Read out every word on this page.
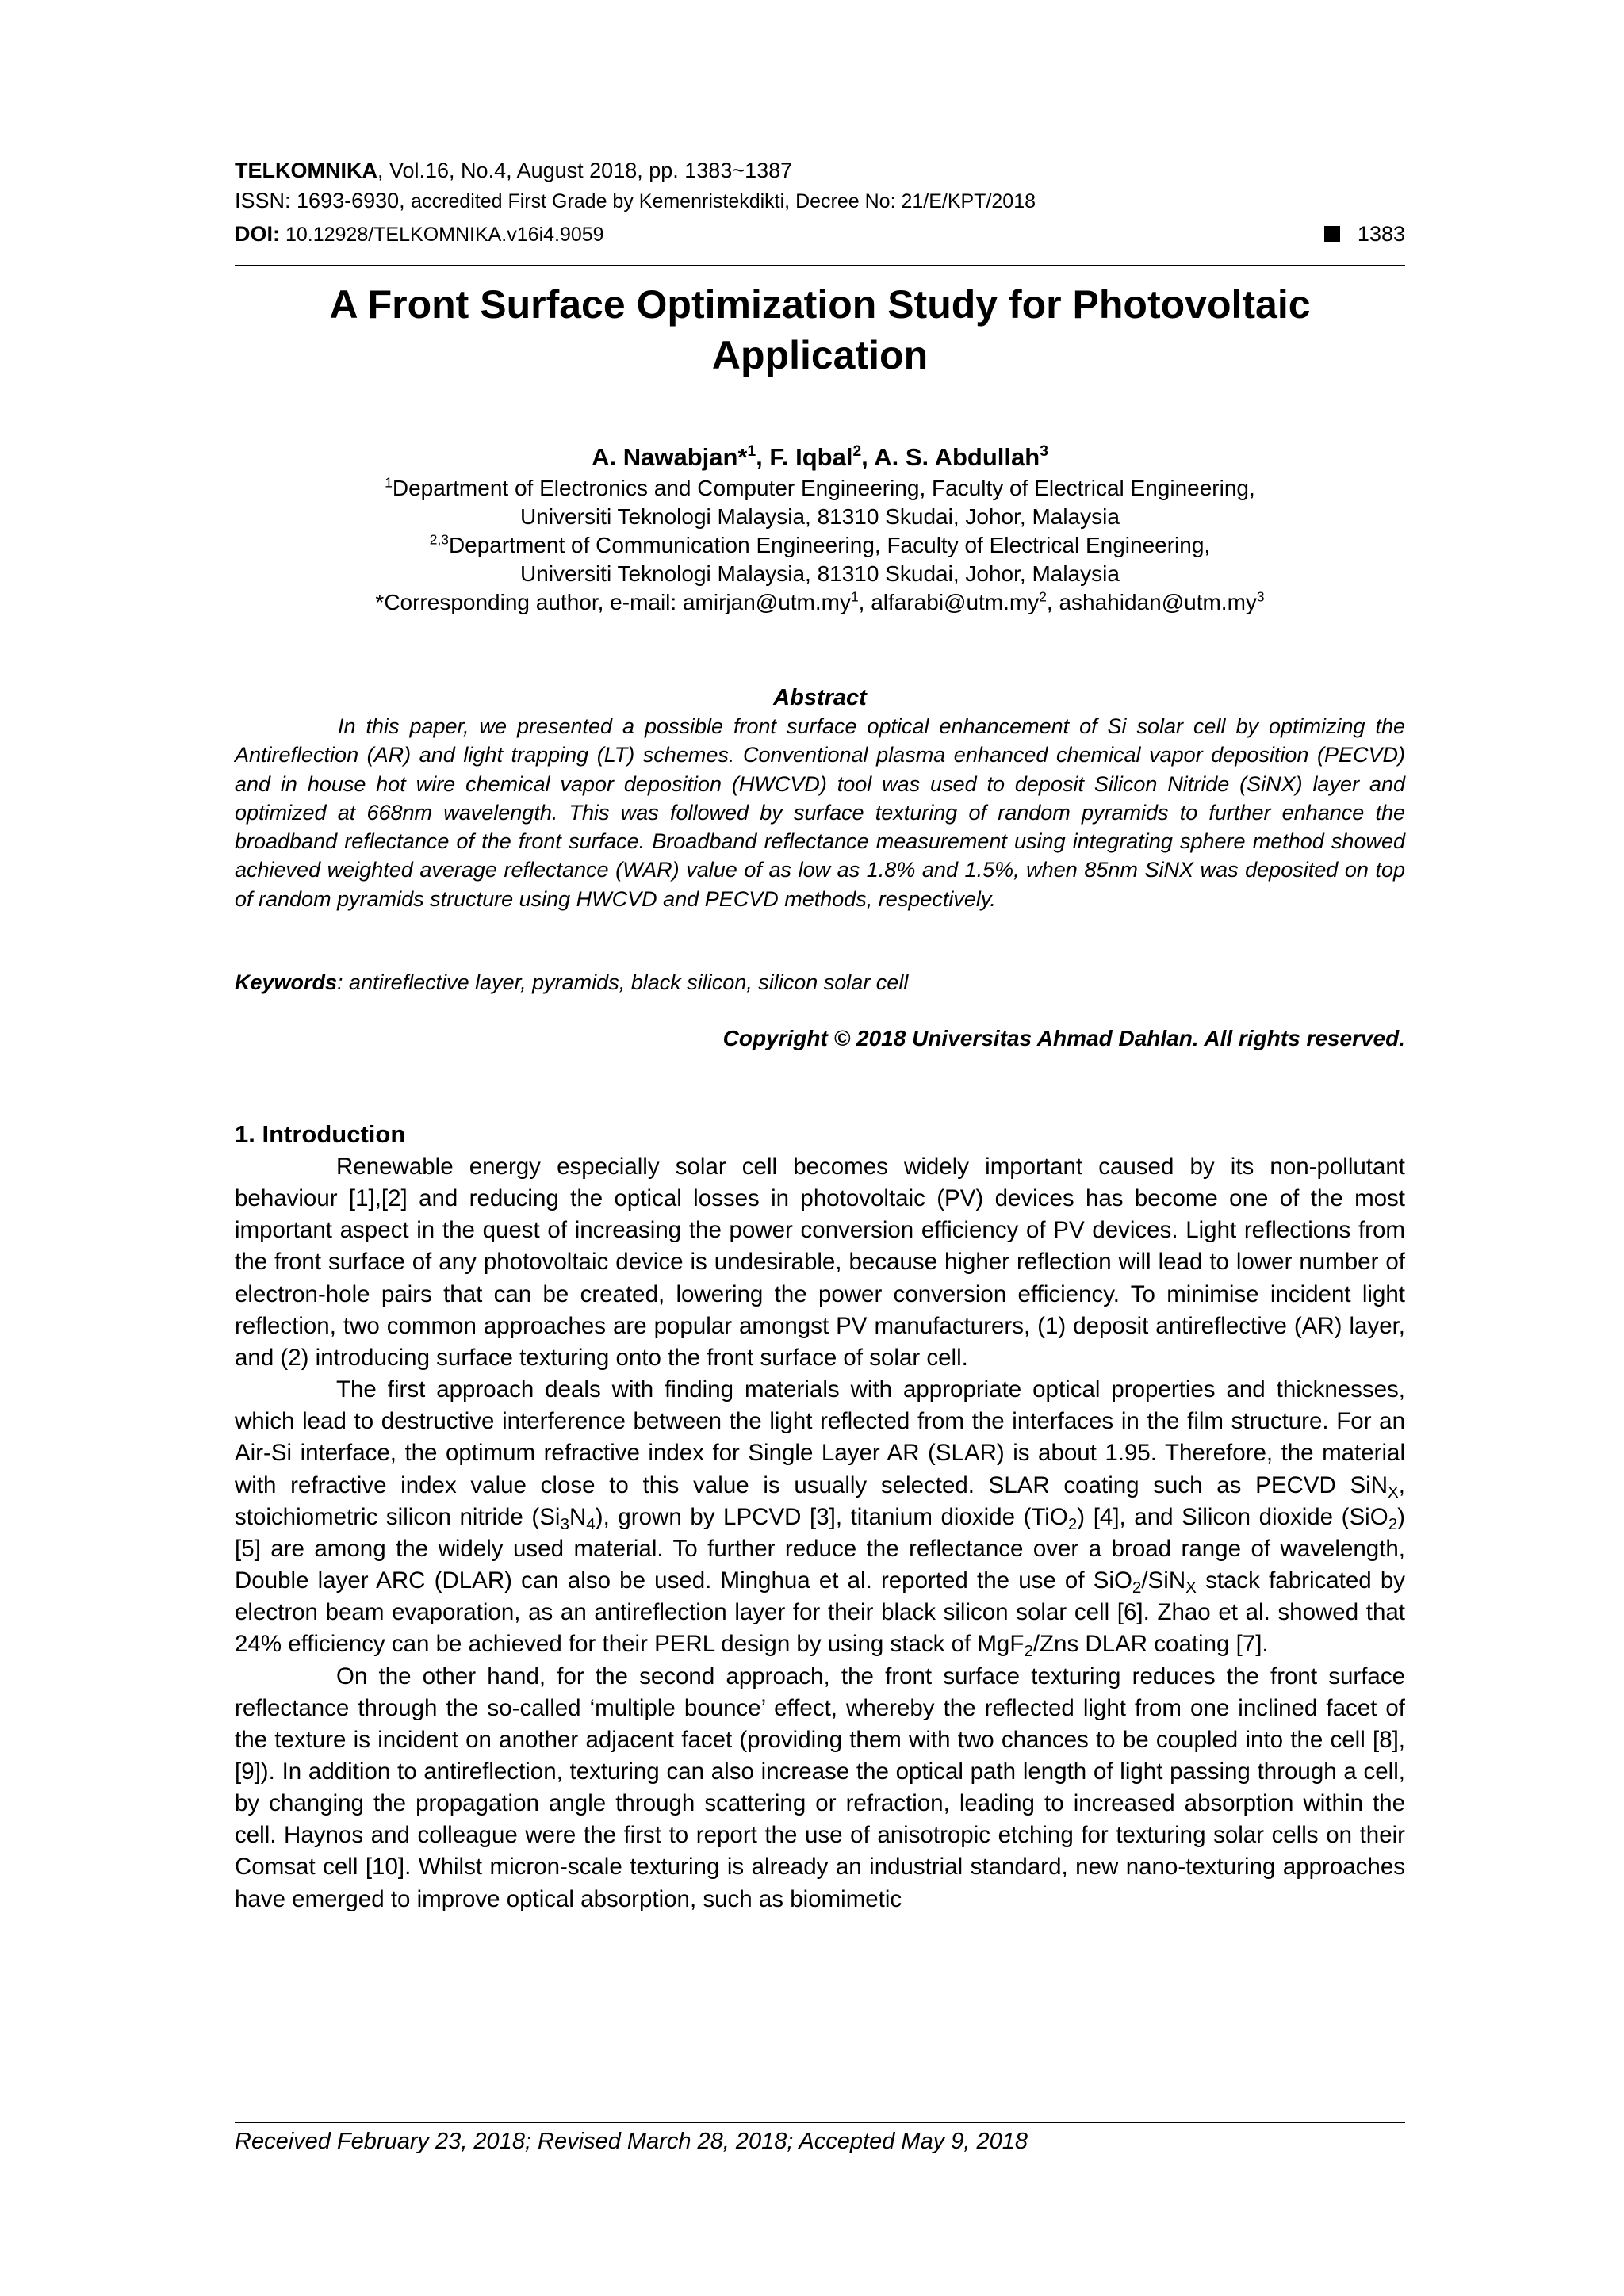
TELKOMNIKA, Vol.16, No.4, August 2018, pp. 1383~1387
ISSN: 1693-6930, accredited First Grade by Kemenristekdikti, Decree No: 21/E/KPT/2018
DOI: 10.12928/TELKOMNIKA.v16i4.9059	1383
A Front Surface Optimization Study for Photovoltaic
Application
A. Nawabjan*$^1$, F. Iqbal$^2$, A. S. Abdullah$^3$
$^1$Department of Electronics and Computer Engineering, Faculty of Electrical Engineering,
Universiti Teknologi Malaysia, 81310 Skudai, Johor, Malaysia
$^{2,3}$Department of Communication Engineering, Faculty of Electrical Engineering,
Universiti Teknologi Malaysia, 81310 Skudai, Johor, Malaysia
*Corresponding author, e-mail: $amirjan@utm.my^1$, $alfarabi@utm.my^2$, $ashahidan@utm.my^3$
Abstract
In this paper, we presented a possible front surface optical enhancement of Si solar cell by optimizing the Antireflection (AR) and light trapping (LT) schemes. Conventional plasma enhanced chemical vapor deposition (PECVD) and in house hot wire chemical vapor deposition (HWCVD) tool was used to deposit Silicon Nitride (SiNX) layer and optimized at 668nm wavelength. This was followed by surface texturing of random pyramids to further enhance the broadband reflectance of the front surface. Broadband reflectance measurement using integrating sphere method showed achieved weighted average reflectance (WAR) value of as low as 1.8% and 1.5%, when 85nm SiNX was deposited on top of random pyramids structure using HWCVD and PECVD methods, respectively.
Keywords: antireflective layer, pyramids, black silicon, silicon solar cell
Copyright © 2018 Universitas Ahmad Dahlan. All rights reserved.
1. Introduction

Renewable energy especially solar cell becomes widely important caused by its non-pollutant behaviour [1],[2] and reducing the optical losses in photovoltaic (PV) devices has become one of the most important aspect in the quest of increasing the power conversion efficiency of PV devices. Light reflections from the front surface of any photovoltaic device is undesirable, because higher reflection will lead to lower number of electron-hole pairs that can be created, lowering the power conversion efficiency. To minimise incident light reflection, two common approaches are popular amongst PV manufacturers, (1) deposit antireflective (AR) layer, and (2) introducing surface texturing onto the front surface of solar cell.

The first approach deals with finding materials with appropriate optical properties and thicknesses, which lead to destructive interference between the light reflected from the interfaces in the film structure. For an Air-Si interface, the optimum refractive index for Single Layer AR (SLAR) is about 1.95. Therefore, the material with refractive index value close to this value is usually selected. SLAR coating such as PECVD SiN$_X$, stoichiometric silicon nitride $(Si_3N_4)$, grown by LPCVD [3], titanium dioxide (TiO$_2$) [4], and Silicon dioxide (SiO$_2$) [5] are among the widely used material. To further reduce the reflectance over a broad range of wavelength, Double layer ARC (DLAR) can also be used. Minghua et al. reported the use of SiO$_2$/SiN$_X$ stack fabricated by electron beam evaporation, as an antireflection layer for their black silicon solar cell [6]. Zhao et al. showed that 24% efficiency can be achieved for their PERL design by using stack of MgF$_2$/Zns DLAR coating [7].

On the other hand, for the second approach, the front surface texturing reduces the front surface reflectance through the so-called ‘multiple bounce’ effect, whereby the reflected light from one inclined facet of the texture is incident on another adjacent facet (providing them with two chances to be coupled into the cell [8],[9]). In addition to antireflection, texturing can also increase the optical path length of light passing through a cell, by changing the propagation angle through scattering or refraction, leading to increased absorption within the cell. Haynos and colleague were the first to report the use of anisotropic etching for texturing solar cells on their Comsat cell [10]. Whilst micron-scale texturing is already an industrial standard, new nano-texturing approaches have emerged to improve optical absorption, such as biomimetic

Received February 23, 2018; Revised March 28, 2018; Accepted May 9, 2018
